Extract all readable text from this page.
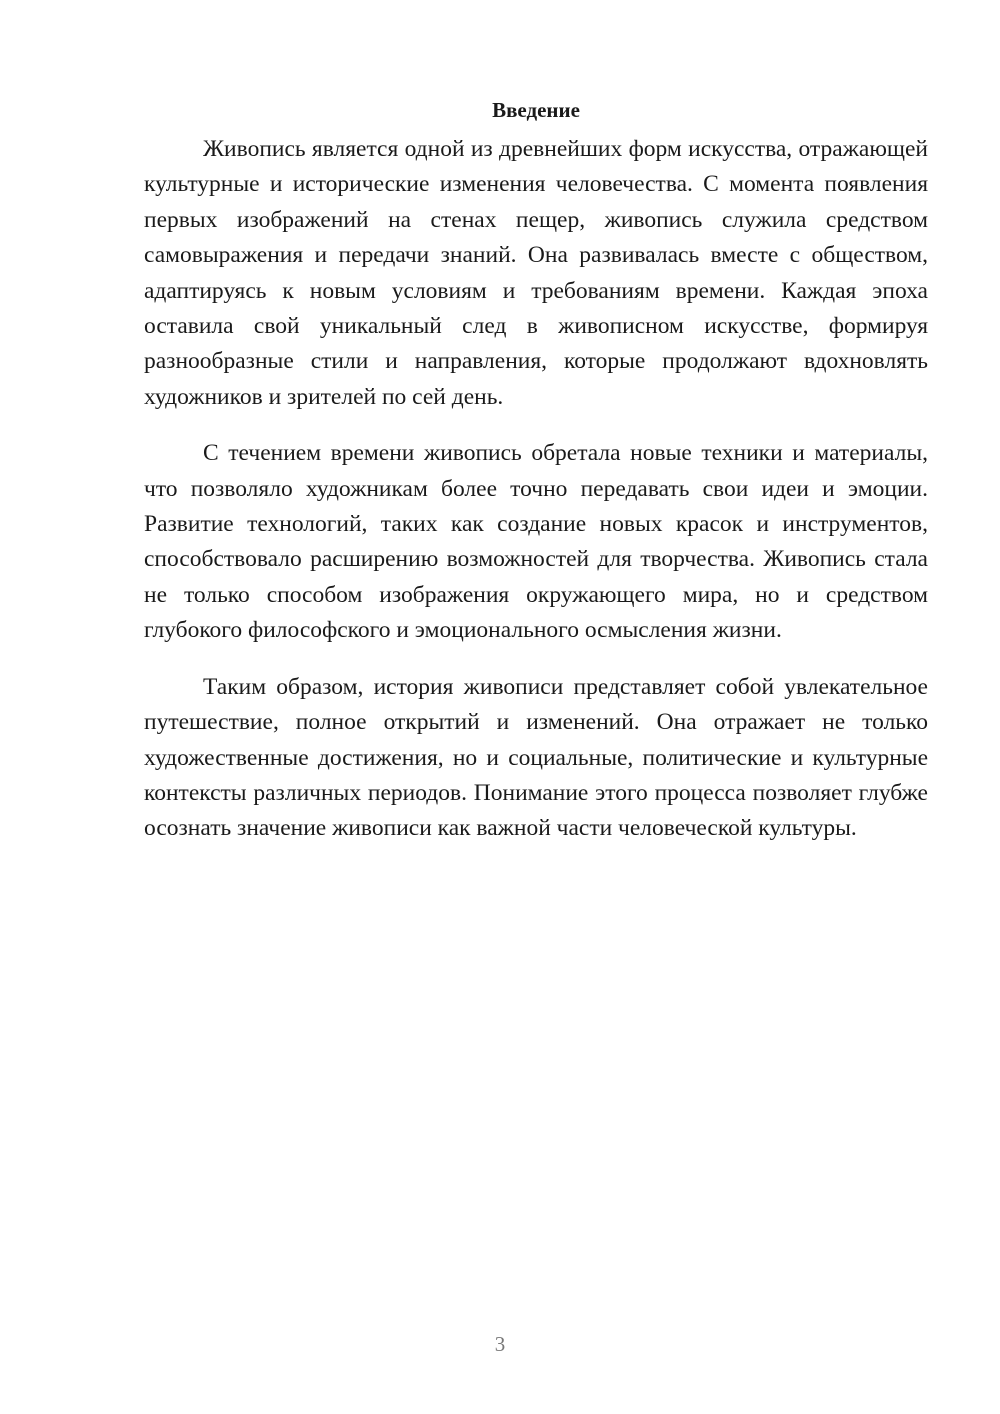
Введение

Живопись является одной из древнейших форм искусства, отражающей культурные и исторические изменения человечества. С момента появления первых изображений на стенах пещер, живопись служила средством самовыражения и передачи знаний. Она развивалась вместе с обществом, адаптируясь к новым условиям и требованиям времени. Каждая эпоха оставила свой уникальный след в живописном искусстве, формируя разнообразные стили и направления, которые продолжают вдохновлять художников и зрителей по сей день.

С течением времени живопись обретала новые техники и материалы, что позволяло художникам более точно передавать свои идеи и эмоции. Развитие технологий, таких как создание новых красок и инструментов, способствовало расширению возможностей для творчества. Живопись стала не только способом изображения окружающего мира, но и средством глубокого философского и эмоционального осмысления жизни.

Таким образом, история живописи представляет собой увлекательное путешествие, полное открытий и изменений. Она отражает не только художественные достижения, но и социальные, политические и культурные контексты различных периодов. Понимание этого процесса позволяет глубже осознать значение живописи как важной части человеческой культуры.

3
